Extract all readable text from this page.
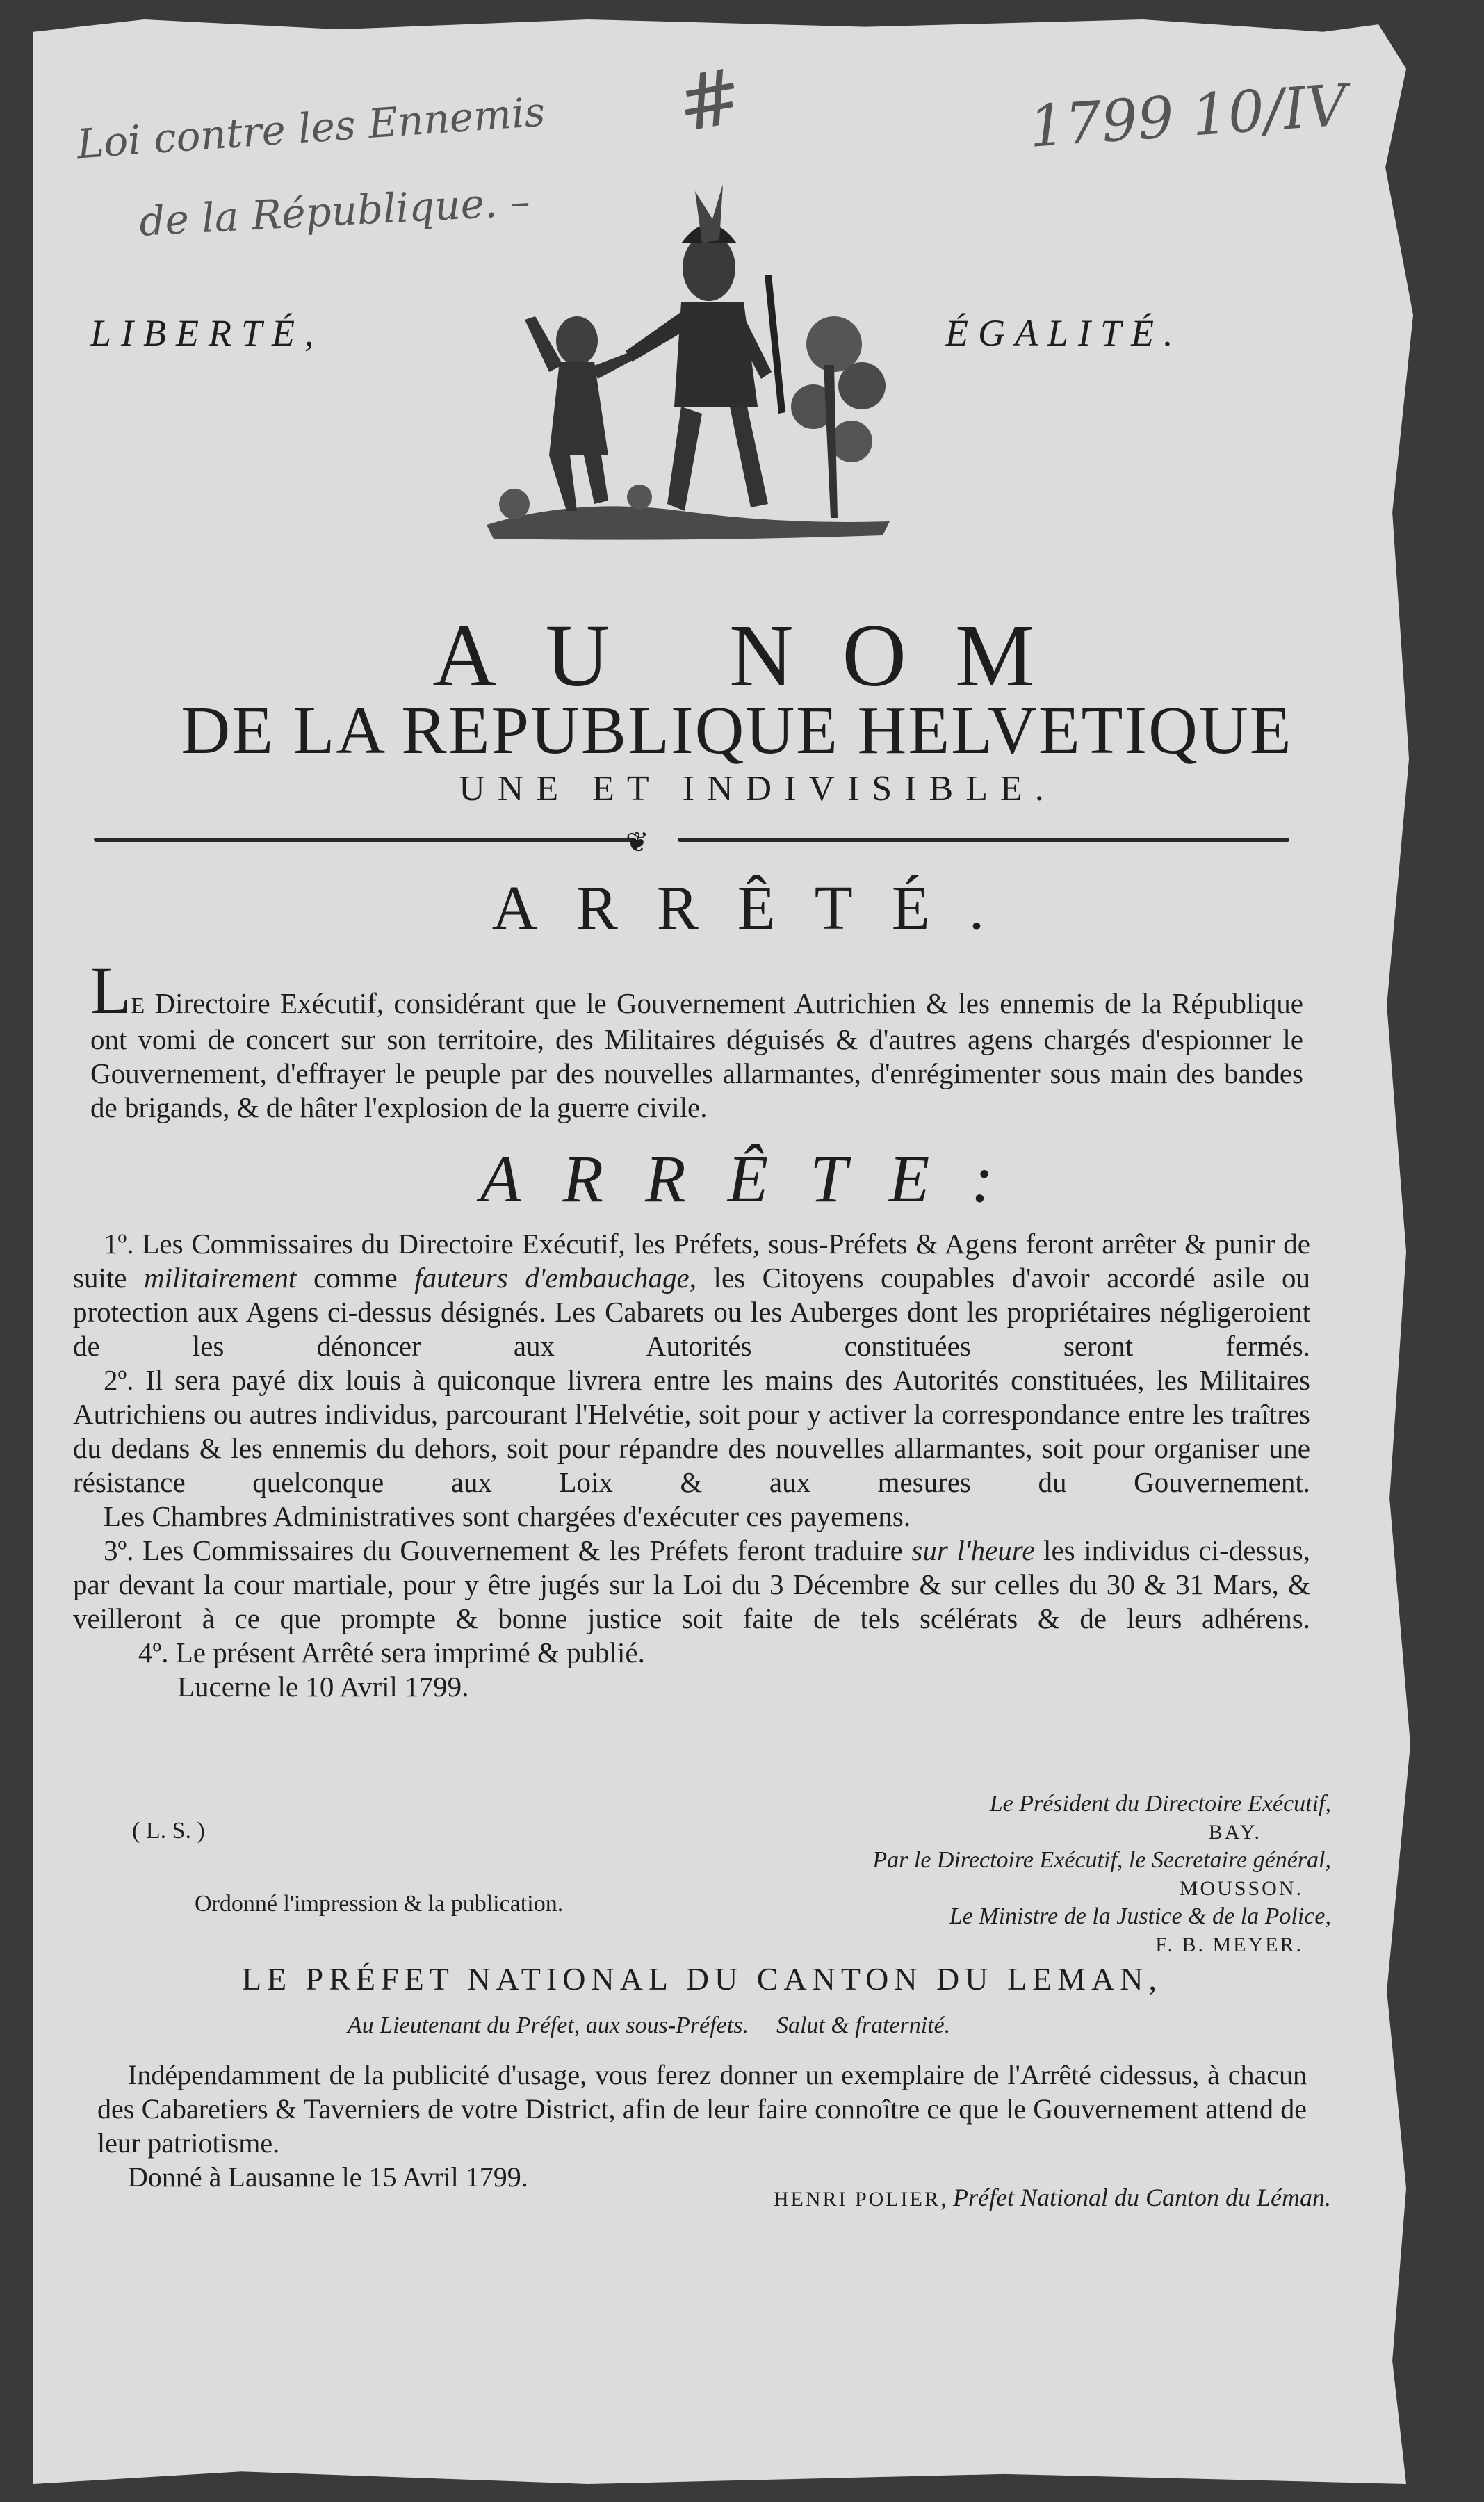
Loi contre les Ennemis
de la République. –
#	1799 10/IV
LIBERTÉ,	ÉGALITÉ.
AU NOM
DE LA REPUBLIQUE HELVETIQUE
UNE ET INDIVISIBLE.
❦
ARRÊTÉ.

LE Directoire Exécutif, considérant que le Gouvernement Autrichien & les ennemis de la République ont vomi de concert sur son territoire, des Militaires déguisés & d'autres agens chargés d'espionner le Gouvernement, d'effrayer le peuple par des nouvelles allarmantes, d'enrégimenter sous main des bandes de brigands, & de hâter l'explosion de la guerre civile.

ARRÊTE:

1º. Les Commissaires du Directoire Exécutif, les Préfets, sous-Préfets & Agens feront arrêter & punir de suite militairement comme fauteurs d'embauchage, les Citoyens coupables d'avoir accordé asile ou protection aux Agens ci-dessus désignés. Les Cabarets ou les Auberges dont les propriétaires négligeroient de les dénoncer aux Autorités constituées seront fermés.

2º. Il sera payé dix louis à quiconque livrera entre les mains des Autorités constituées, les Militaires Autrichiens ou autres individus, parcourant l'Helvétie, soit pour y activer la correspondance entre les traîtres du dedans & les ennemis du dehors, soit pour répandre des nouvelles allarmantes, soit pour organiser une résistance quelconque aux Loix & aux mesures du Gouvernement.

Les Chambres Administratives sont chargées d'exécuter ces payemens.

3º. Les Commissaires du Gouvernement & les Préfets feront traduire sur l'heure les individus ci-dessus, par devant la cour martiale, pour y être jugés sur la Loi du 3 Décembre & sur celles du 30 & 31 Mars, & veilleront à ce que prompte & bonne justice soit faite de tels scélérats & de leurs adhérens.

4º. Le présent Arrêté sera imprimé & publié.

Lucerne le 10 Avril 1799.

( L. S. )
Ordonné l'impression & la publication.
Le Président du Directoire Exécutif,
BAY.
Par le Directoire Exécutif, le Secretaire général,
MOUSSON.
Le Ministre de la Justice & de la Police,
F. B. MEYER.
LE PRÉFET NATIONAL DU CANTON DU LEMAN,
Au Lieutenant du Préfet, aux sous-Préfets. Salut & fraternité.

Indépendamment de la publicité d'usage, vous ferez donner un exemplaire de l'Arrêté cidessus, à chacun des Cabaretiers & Taverniers de votre District, afin de leur faire connoître ce que le Gouvernement attend de leur patriotisme.

Donné à Lausanne le 15 Avril 1799.

HENRI POLIER, Préfet National du Canton du Léman.
